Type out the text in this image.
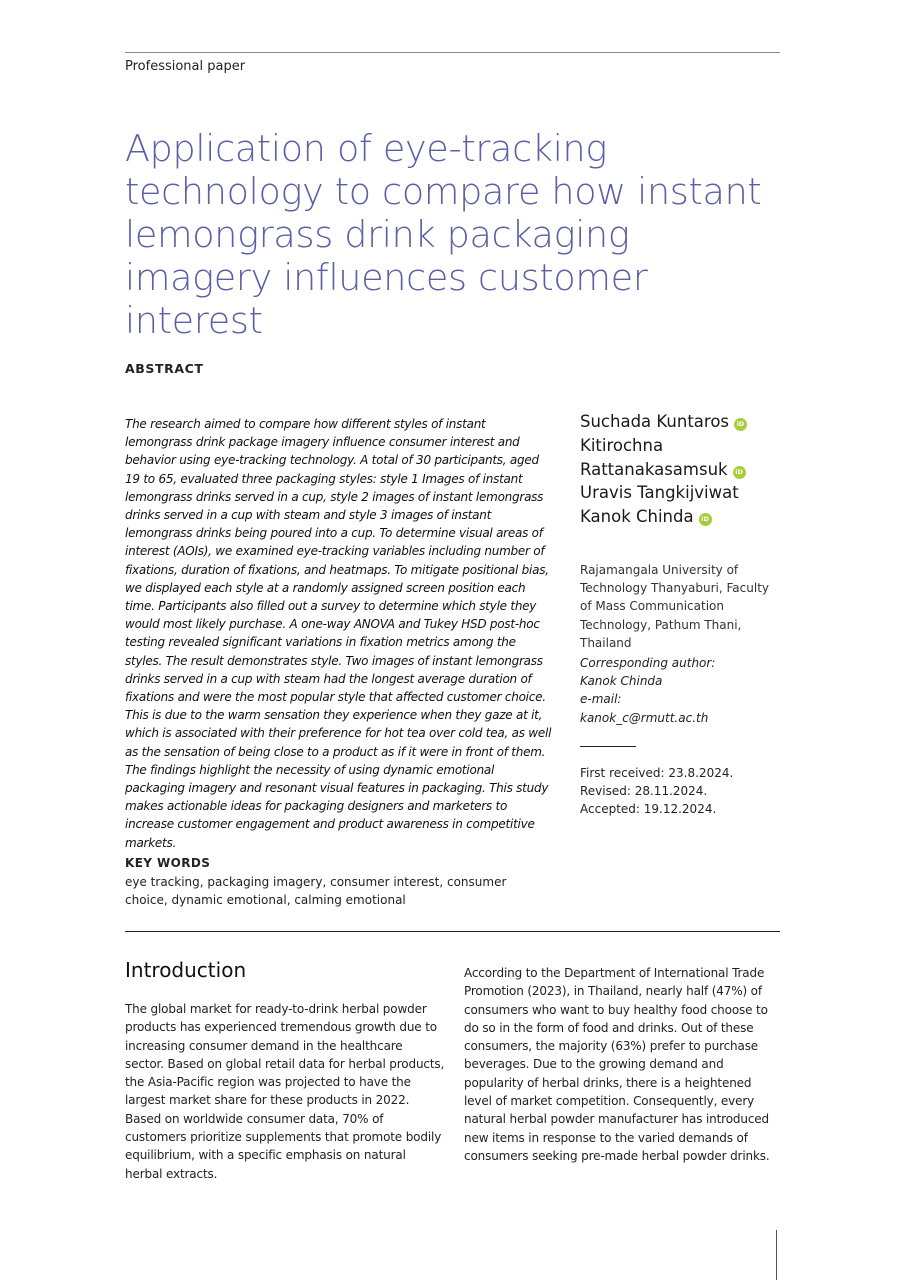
Professional paper
Application of eye-tracking technology to compare how instant lemongrass drink packaging imagery influences customer interest
ABSTRACT

The research aimed to compare how different styles of instant lemongrass drink package imagery influence consumer interest and behavior using eye-tracking technology. A total of 30 participants, aged 19 to 65, evaluated three packaging styles: style 1 Images of instant lemongrass drinks served in a cup, style 2 images of instant lemongrass drinks served in a cup with steam and style 3 images of instant lemongrass drinks being poured into a cup. To determine visual areas of interest (AOIs), we examined eye-tracking variables including number of fixations, duration of fixations, and heatmaps. To mitigate positional bias, we displayed each style at a randomly assigned screen position each time. Participants also filled out a survey to determine which style they would most likely purchase. A one-way ANOVA and Tukey HSD post-hoc testing revealed significant variations in fixation metrics among the styles. The result demonstrates style. Two images of instant lemongrass drinks served in a cup with steam had the longest average duration of fixations and were the most popular style that affected customer choice. This is due to the warm sensation they experience when they gaze at it, which is associated with their preference for hot tea over cold tea, as well as the sensation of being close to a product as if it were in front of them. The findings highlight the necessity of using dynamic emotional packaging imagery and resonant visual features in packaging. This study makes actionable ideas for packaging designers and marketers to increase customer engagement and product awareness in competitive markets.

Suchada Kuntaros iD
Kitirochna Rattanakasamsuk iD
Uravis Tangkijviwat
Kanok Chinda iD
Rajamangala University of Technology Thanyaburi, Faculty of Mass Communication Technology, Pathum Thani, Thailand
Corresponding author:
Kanok Chinda
e-mail:
kanok_c@rmutt.ac.th
First received: 23.8.2024.
Revised: 28.11.2024.
Accepted: 19.12.2024.
KEY WORDS
eye tracking, packaging imagery, consumer interest, consumer choice, dynamic emotional, calming emotional
Introduction

The global market for ready-to-drink herbal powder products has experienced tremendous growth due to increasing consumer demand in the healthcare sector. Based on global retail data for herbal products, the Asia-Pacific region was projected to have the largest market share for these products in 2022. Based on worldwide consumer data, 70% of customers prioritize supplements that promote bodily equilibrium, with a specific emphasis on natural herbal extracts.

According to the Department of International Trade Promotion (2023), in Thailand, nearly half (47%) of consumers who want to buy healthy food choose to do so in the form of food and drinks. Out of these consumers, the majority (63%) prefer to purchase beverages. Due to the growing demand and popularity of herbal drinks, there is a heightened level of market competition. Consequently, every natural herbal powder manufacturer has introduced new items in response to the varied demands of consumers seeking pre-made herbal powder drinks.
